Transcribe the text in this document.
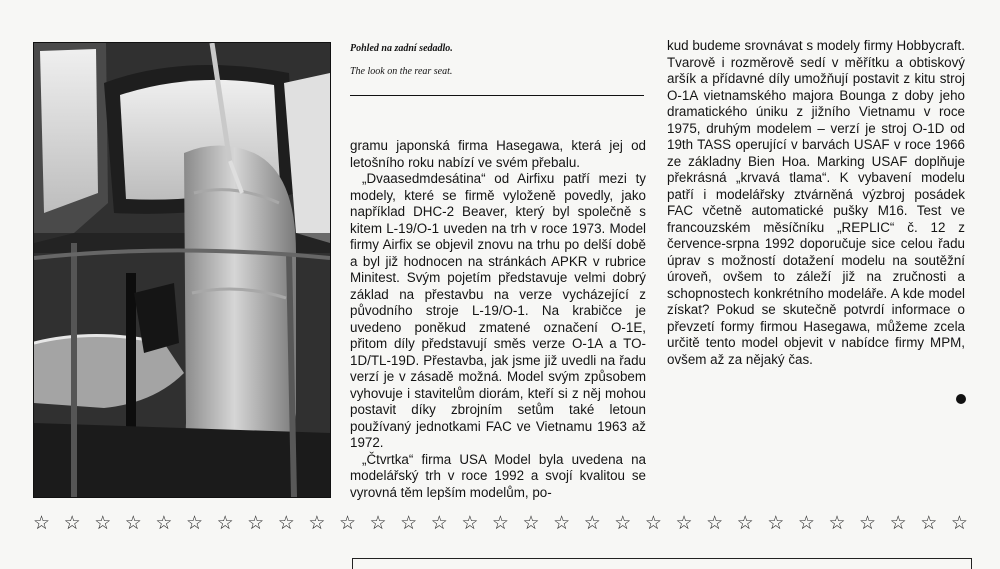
Pohled na zadní sedadlo.

The look on the rear seat.

gramu japonská firma Hasegawa, která jej od letošního roku nabízí ve svém přebalu.

„Dvaasedmdesátina“ od Airfixu patří mezi ty modely, které se firmě vyloženě povedly, jako například DHC-2 Beaver, který byl společně s kitem L-19/O-1 uveden na trh v roce 1973. Model firmy Airfix se objevil znovu na trhu po delší době a byl již hodnocen na stránkách APKR v rubrice Minitest. Svým pojetím představuje velmi dobrý základ na přestavbu na verze vycházející z původního stroje L-19/O-1. Na krabičce je uvedeno poněkud zmatené označení O-1E, přitom díly představují směs verze O-1A a TO-1D/TL-19D. Přestavba, jak jsme již uvedli na řadu verzí je v zásadě možná. Model svým způsobem vyhovuje i stavitelům diorám, kteří si z něj mohou postavit díky zbrojním setům také letoun používaný jednotkami FAC ve Vietnamu 1963 až 1972.

„Čtvrtka“ firma USA Model byla uvedena na modelářský trh v roce 1992 a svojí kvalitou se vyrovná těm lepším modelům, po-

kud budeme srovnávat s modely firmy Hobbycraft. Tvarově i rozměrově sedí v měřítku a obtiskový aršík a přídavné díly umožňují postavit z kitu stroj O-1A vietnamského majora Bounga z doby jeho dramatického úniku z jižního Vietnamu v roce 1975, druhým modelem – verzí je stroj O-1D od 19th TASS operující v barvách USAF v roce 1966 ze základny Bien Hoa. Marking USAF doplňuje překrásná „krvavá tlama“. K vybavení modelu patří i modelářsky ztvárněná výzbroj posádek FAC včetně automatické pušky M16. Test ve francouzském měsíčníku „REPLIC“ č. 12 z července-srpna 1992 doporučuje sice celou řadu úprav s možností dotažení modelu na soutěžní úroveň, ovšem to záleží již na zručnosti a schopnostech konkrétního modeláře. A kde model získat? Pokud se skutečně potvrdí informace o převzetí formy firmou Hasegawa, můžeme zcela určitě tento model objevit v nabídce firmy MPM, ovšem až za nějaký čas.

☆ ☆ ☆ ☆ ☆ ☆ ☆ ☆ ☆ ☆ ☆ ☆ ☆ ☆ ☆ ☆ ☆ ☆ ☆ ☆ ☆ ☆ ☆ ☆ ☆ ☆ ☆ ☆ ☆ ☆ ☆
